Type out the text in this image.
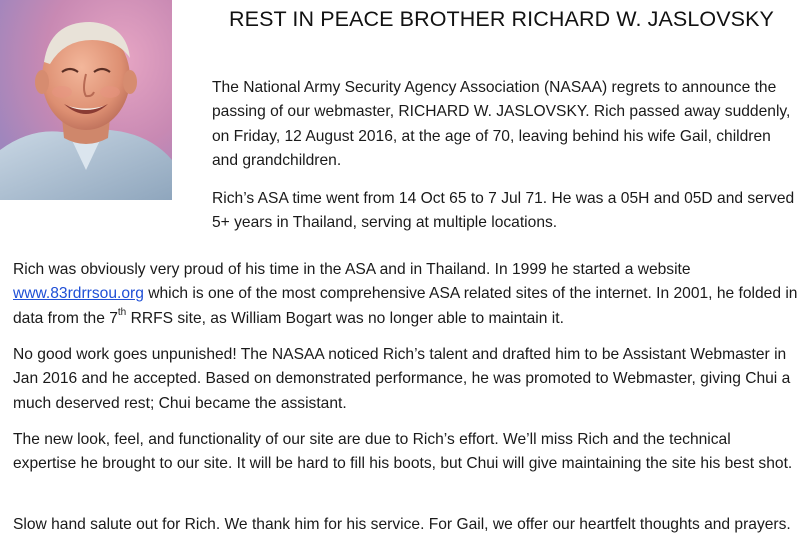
REST IN PEACE BROTHER RICHARD W. JASLOVSKY

The National Army Security Agency Association (NASAA) regrets to announce the passing of our webmaster, RICHARD W. JASLOVSKY. Rich passed away suddenly, on Friday, 12 August 2016, at the age of 70, leaving behind his wife Gail, children and grandchildren.

Rich’s ASA time went from 14 Oct 65 to 7 Jul 71. He was a 05H and 05D and served 5+ years in Thailand, serving at multiple locations.

Rich was obviously very proud of his time in the ASA and in Thailand. In 1999 he started a website www.83rdrrsou.org which is one of the most comprehensive ASA related sites of the internet. In 2001, he folded in data from the 7th RRFS site, as William Bogart was no longer able to maintain it.

No good work goes unpunished! The NASAA noticed Rich’s talent and drafted him to be Assistant Webmaster in Jan 2016 and he accepted. Based on demonstrated performance, he was promoted to Webmaster, giving Chui a much deserved rest; Chui became the assistant.

The new look, feel, and functionality of our site are due to Rich’s effort. We’ll miss Rich and the technical expertise he brought to our site. It will be hard to fill his boots, but Chui will give maintaining the site his best shot.

Slow hand salute out for Rich. We thank him for his service. For Gail, we offer our heartfelt thoughts and prayers.
